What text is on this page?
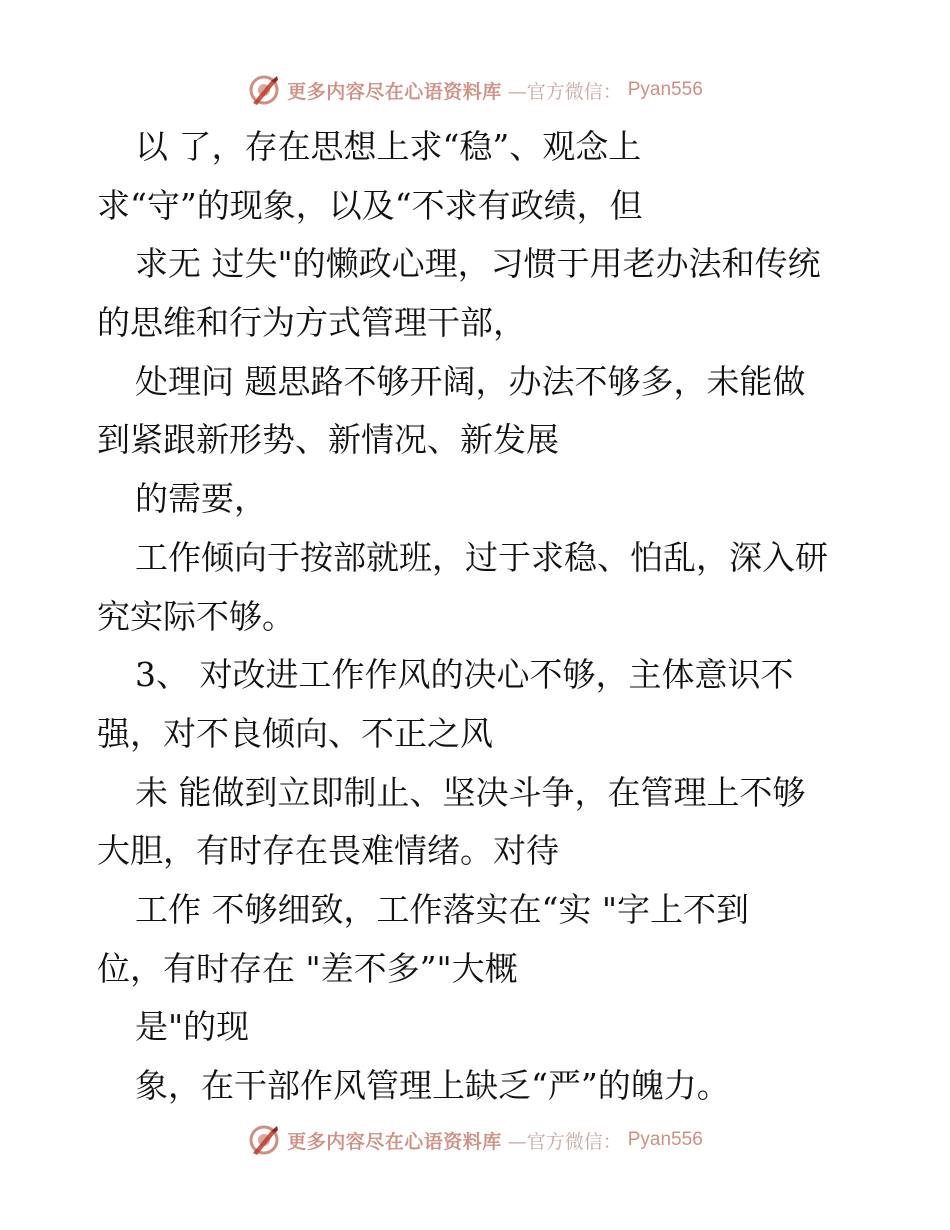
更多内容尽在心语资料库 —官方微信： Pyan556
以 了，存在思想上求“稳”、观念上
求“守”的现象，以及“不求有政绩，但
求无 过失"的懒政心理，习惯于用老办法和传统
的思维和行为方式管理干部，
处理问 题思路不够开阔，办法不够多，未能做
到紧跟新形势、新情况、新发展
的需要，
工作倾向于按部就班，过于求稳、怕乱，深入研
究实际不够。
3、 对改进工作作风的决心不够，主体意识不
强，对不良倾向、不正之风
未 能做到立即制止、坚决斗争，在管理上不够
大胆，有时存在畏难情绪。对待
工作 不够细致，工作落实在“实 "字上不到
位，有时存在 "差不多”"大概
是"的现
象，在干部作风管理上缺乏“严”的魄力。
更多内容尽在心语资料库 —官方微信： Pyan556
